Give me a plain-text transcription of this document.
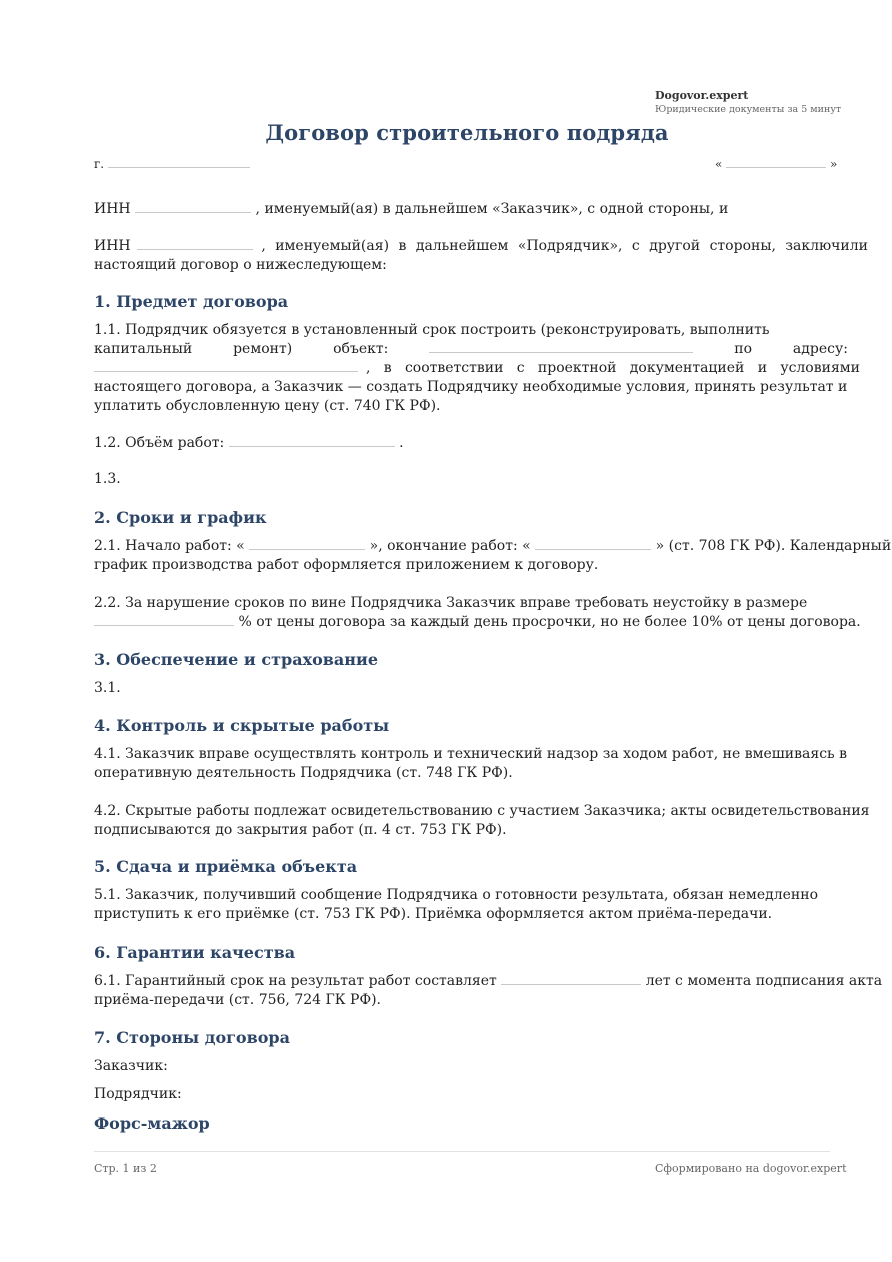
Dogovor.expert
Юридические документы за 5 минут
Договор строительного подряда
г.	«	»
ИНН	, именуемый(ая) в дальнейшем «Заказчик», с одной стороны, и
ИНН	, именуемый(ая) в дальнейшем «Подрядчик», с другой стороны, заключили
настоящий договор о нижеследующем:
1. Предмет договора
1.1. Подрядчик обязуется в установленный срок построить (реконструировать, выполнить
капитальный	ремонт)	объект:	по	адресу:
, в соответствии с проектной документацией и условиями
настоящего договора, а Заказчик — создать Подрядчику необходимые условия, принять результат и
уплатить обусловленную цену (ст. 740 ГК РФ).
1.2. Объём работ:	.
1.3.
2. Сроки и график
2.1. Начало работ: «	», окончание работ: «	» (ст. 708 ГК РФ). Календарный
график производства работ оформляется приложением к договору.
2.2. За нарушение сроков по вине Подрядчика Заказчик вправе требовать неустойку в размере
% от цены договора за каждый день просрочки, но не более 10% от цены договора.
3. Обеспечение и страхование
3.1.
4. Контроль и скрытые работы
4.1. Заказчик вправе осуществлять контроль и технический надзор за ходом работ, не вмешиваясь в
оперативную деятельность Подрядчика (ст. 748 ГК РФ).
4.2. Скрытые работы подлежат освидетельствованию с участием Заказчика; акты освидетельствования
подписываются до закрытия работ (п. 4 ст. 753 ГК РФ).
5. Сдача и приёмка объекта
5.1. Заказчик, получивший сообщение Подрядчика о готовности результата, обязан немедленно
приступить к его приёмке (ст. 753 ГК РФ). Приёмка оформляется актом приёма-передачи.
6. Гарантии качества
6.1. Гарантийный срок на результат работ составляет	лет с момента подписания акта
приёма-передачи (ст. 756, 724 ГК РФ).
7. Стороны договора
Заказчик:
Подрядчик:
Форс-мажор
Стр. 1 из 2	Сформировано на dogovor.expert
